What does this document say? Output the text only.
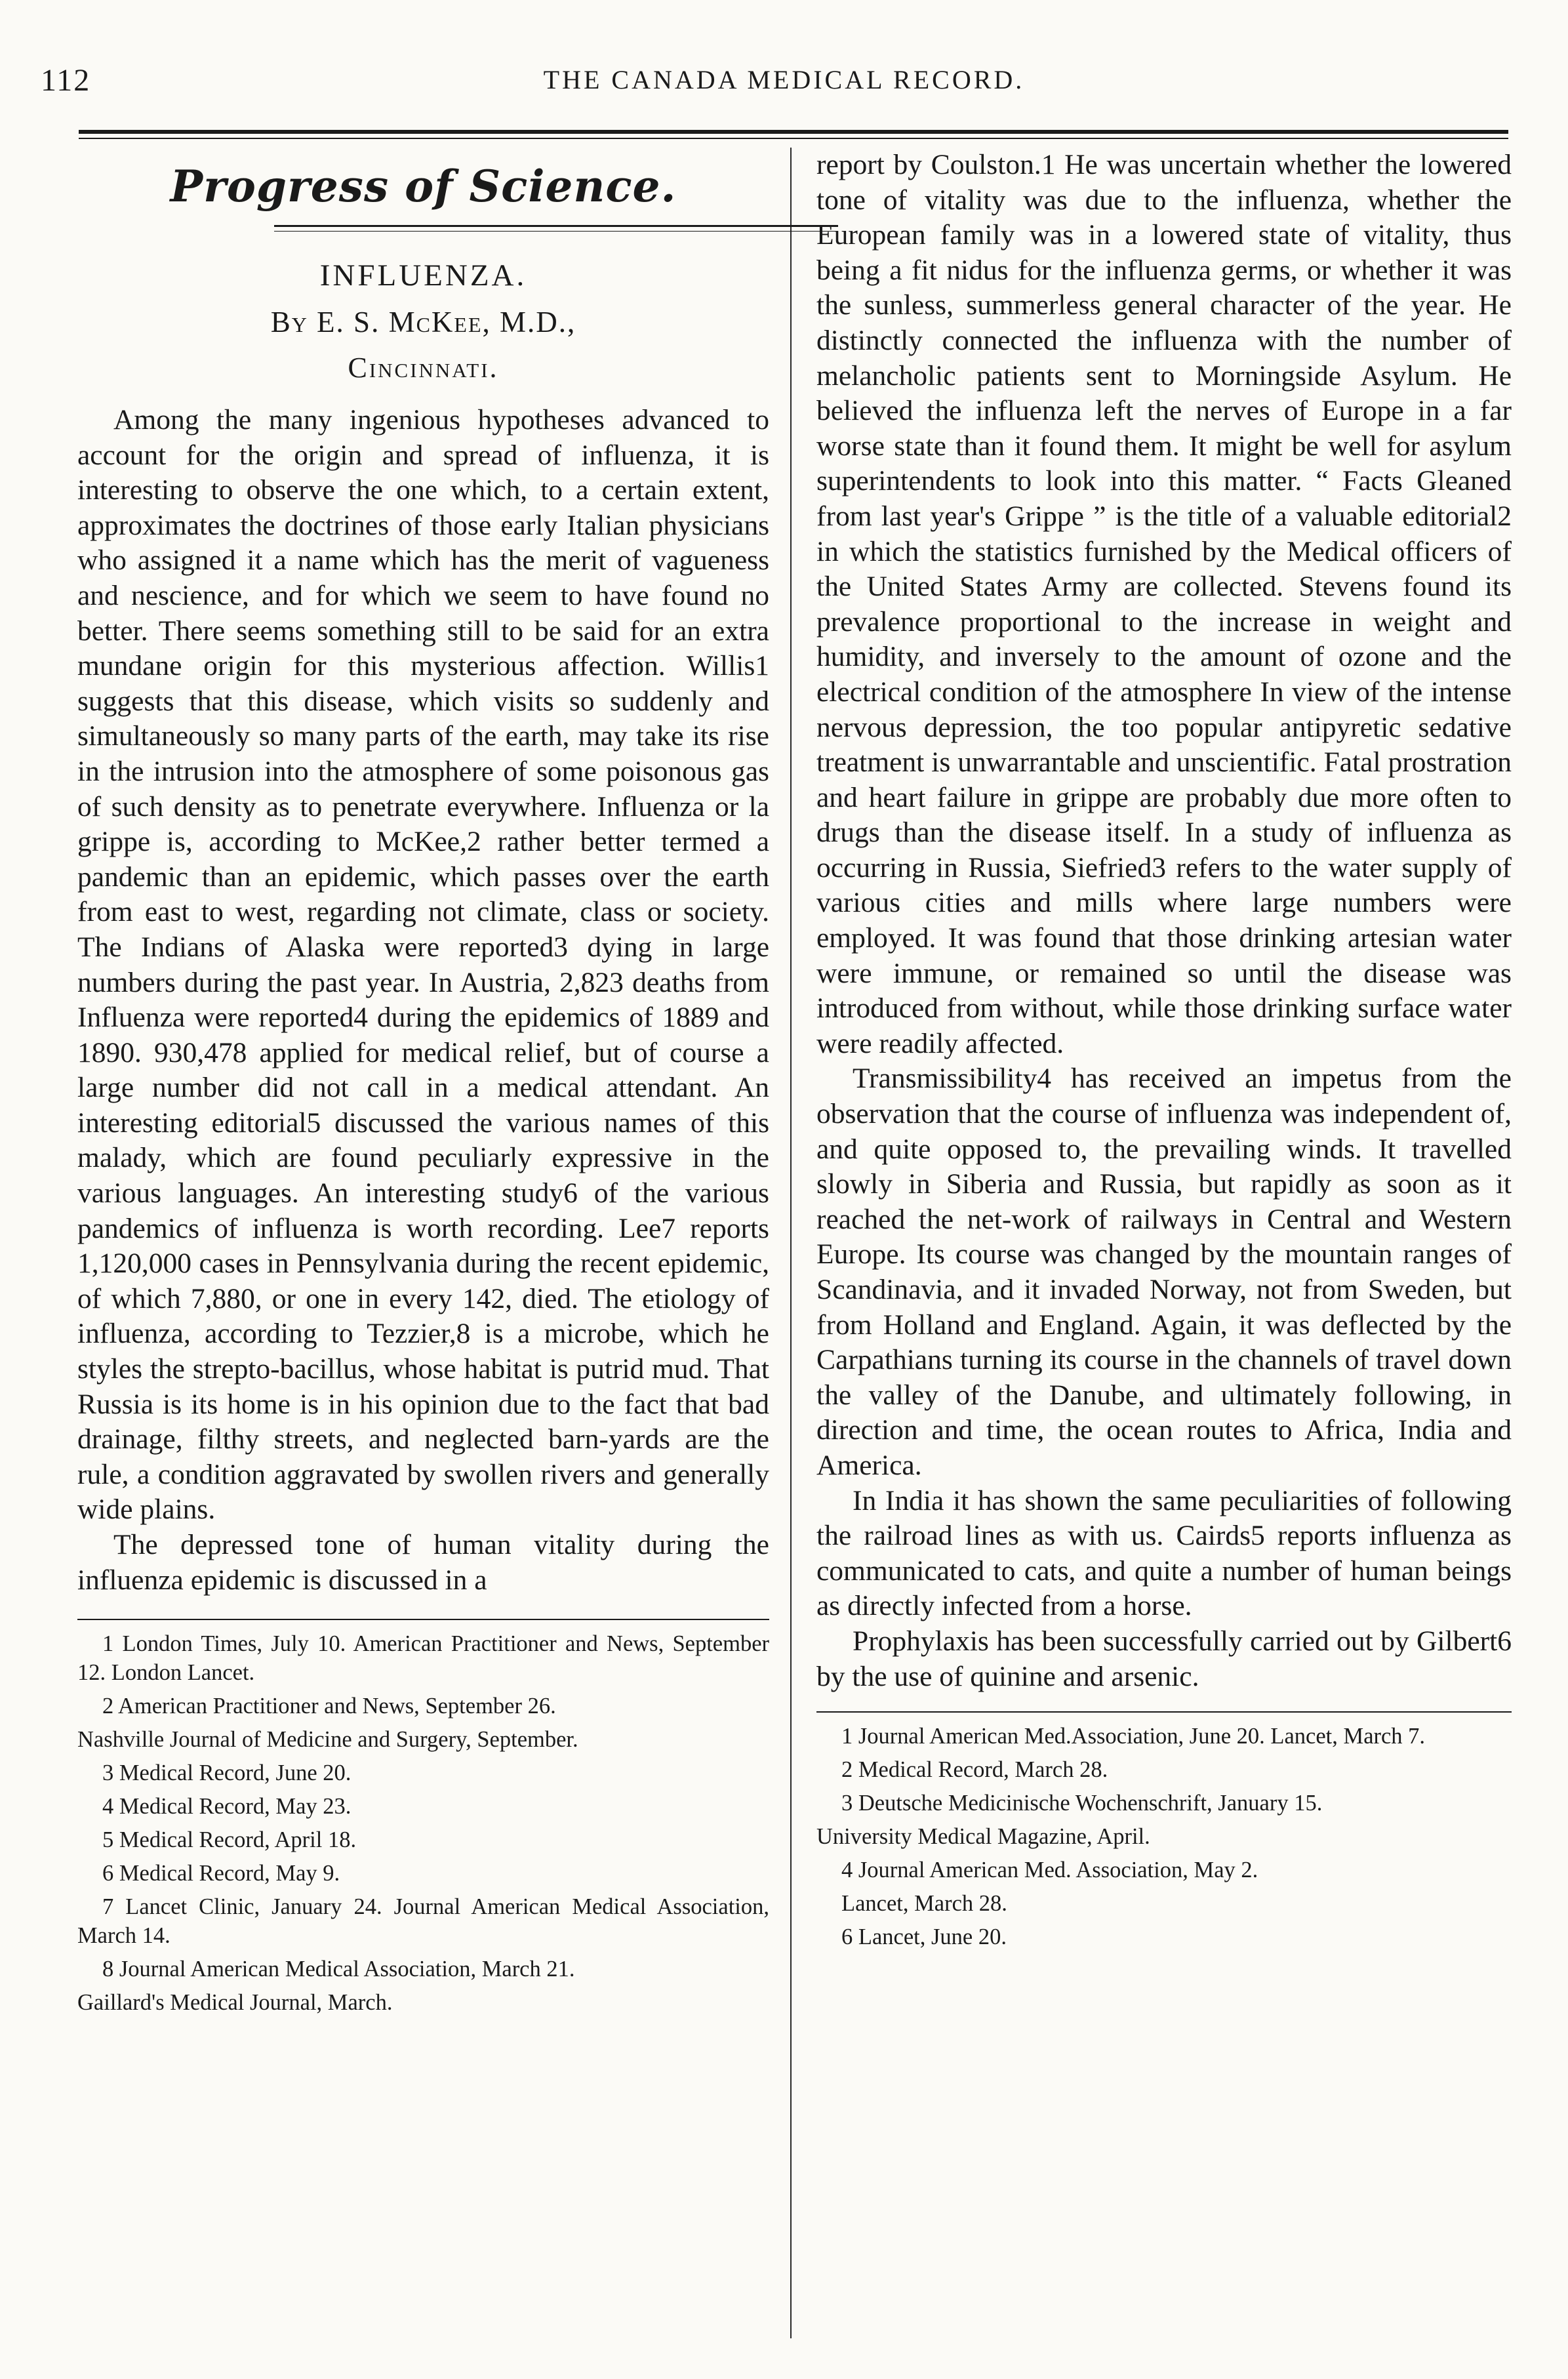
112	THE CANADA MEDICAL RECORD.
Progress of Science.
INFLUENZA.
By E. S. McKee, M.D.,
Cincinnati.

Among the many ingenious hypotheses advanced to account for the origin and spread of influenza, it is interesting to observe the one which, to a certain extent, approximates the doctrines of those early Italian physicians who assigned it a name which has the merit of vagueness and nescience, and for which we seem to have found no better. There seems something still to be said for an extra mundane origin for this mysterious affection. Willis1 suggests that this disease, which visits so suddenly and simultaneously so many parts of the earth, may take its rise in the intrusion into the atmosphere of some poisonous gas of such density as to penetrate everywhere. Influenza or la grippe is, according to McKee,2 rather better termed a pandemic than an epidemic, which passes over the earth from east to west, regarding not climate, class or society. The Indians of Alaska were reported3 dying in large numbers during the past year. In Austria, 2,823 deaths from Influenza were reported4 during the epidemics of 1889 and 1890. 930,478 applied for medical relief, but of course a large number did not call in a medical attendant. An interesting editorial5 discussed the various names of this malady, which are found peculiarly expressive in the various languages. An interesting study6 of the various pandemics of influenza is worth recording. Lee7 reports 1,120,000 cases in Pennsylvania during the recent epidemic, of which 7,880, or one in every 142, died. The etiology of influenza, according to Tezzier,8 is a microbe, which he styles the strepto-bacillus, whose habitat is putrid mud. That Russia is its home is in his opinion due to the fact that bad drainage, filthy streets, and neglected barn-yards are the rule, a condition aggravated by swollen rivers and generally wide plains.

The depressed tone of human vitality during the influenza epidemic is discussed in a

1 London Times, July 10. American Practitioner and News, September 12. London Lancet.
2 American Practitioner and News, September 26.
Nashville Journal of Medicine and Surgery, September.
3 Medical Record, June 20.
4 Medical Record, May 23.
5 Medical Record, April 18.
6 Medical Record, May 9.
7 Lancet Clinic, January 24. Journal American Medical Association, March 14.
8 Journal American Medical Association, March 21.
Gaillard's Medical Journal, March.

report by Coulston.1 He was uncertain whether the lowered tone of vitality was due to the influenza, whether the European family was in a lowered state of vitality, thus being a fit nidus for the influenza germs, or whether it was the sunless, summerless general character of the year. He distinctly connected the influenza with the number of melancholic patients sent to Morningside Asylum. He believed the influenza left the nerves of Europe in a far worse state than it found them. It might be well for asylum superintendents to look into this matter. “ Facts Gleaned from last year's Grippe ” is the title of a valuable editorial2 in which the statistics furnished by the Medical officers of the United States Army are collected. Stevens found its prevalence proportional to the increase in weight and humidity, and inversely to the amount of ozone and the electrical condition of the atmosphere In view of the intense nervous depression, the too popular antipyretic sedative treatment is unwarrantable and unscientific. Fatal prostration and heart failure in grippe are probably due more often to drugs than the disease itself. In a study of influenza as occurring in Russia, Siefried3 refers to the water supply of various cities and mills where large numbers were employed. It was found that those drinking artesian water were immune, or remained so until the disease was introduced from without, while those drinking surface water were readily affected.

Transmissibility4 has received an impetus from the observation that the course of influenza was independent of, and quite opposed to, the prevailing winds. It travelled slowly in Siberia and Russia, but rapidly as soon as it reached the net-work of railways in Central and Western Europe. Its course was changed by the mountain ranges of Scandinavia, and it invaded Norway, not from Sweden, but from Holland and England. Again, it was deflected by the Carpathians turning its course in the channels of travel down the valley of the Danube, and ultimately following, in direction and time, the ocean routes to Africa, India and America.

In India it has shown the same peculiarities of following the railroad lines as with us. Cairds5 reports influenza as communicated to cats, and quite a number of human beings as directly infected from a horse.

Prophylaxis has been successfully carried out by Gilbert6 by the use of quinine and arsenic.

1 Journal American Med.Association, June 20. Lancet, March 7.
2 Medical Record, March 28.
3 Deutsche Medicinische Wochenschrift, January 15.
University Medical Magazine, April.
4 Journal American Med. Association, May 2.
Lancet, March 28.
6 Lancet, June 20.
